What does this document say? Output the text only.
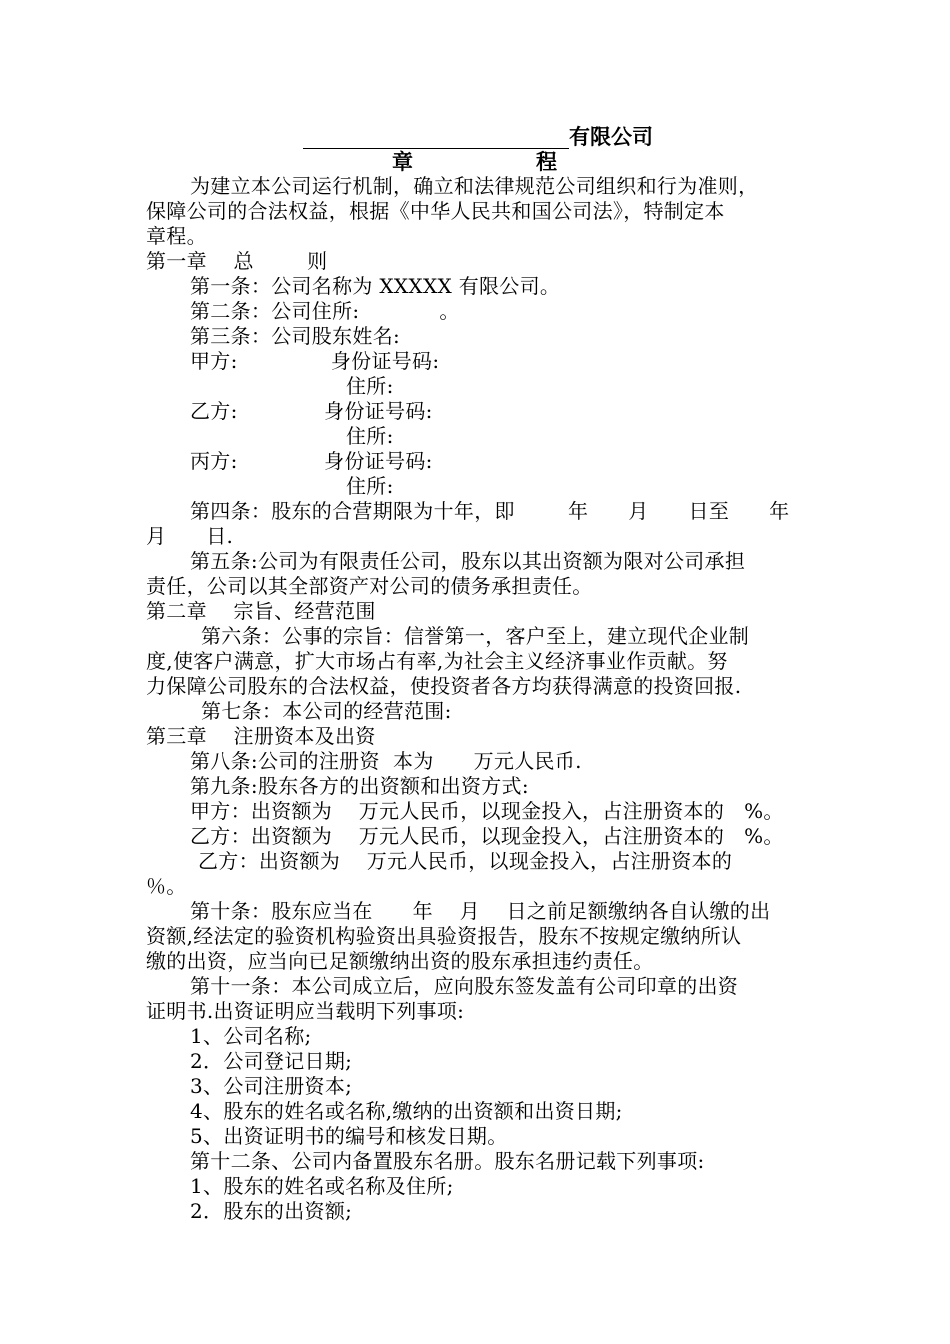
有限公司
章	程
为建立本公司运行机制，确立和法律规范公司组织和行为准则，
保障公司的合法权益，根据《中华人民共和国公司法》，特制定本
章程。
第一章    总        则
第一条：公司名称为 XXXXX 有限公司。
第二条：公司住所:            。
第三条：公司股东姓名:
甲方:              身份证号码:
住所:
乙方:             身份证号码:
住所:
丙方:             身份证号码:
住所:
第四条：股东的合营期限为十年，即        年      月      日至      年
月      日.
第五条:公司为有限责任公司，股东以其出资额为限对公司承担
责任，公司以其全部资产对公司的债务承担责任。
第二章    宗旨、经营范围
第六条：公事的宗旨：信誉第一，客户至上，建立现代企业制
度,使客户满意，扩大市场占有率,为社会主义经济事业作贡献。努
力保障公司股东的合法权益，使投资者各方均获得满意的投资回报.
第七条：本公司的经营范围:
第三章    注册资本及出资
第八条:公司的注册资  本为      万元人民币.
第九条:股东各方的出资额和出资方式:
甲方：出资额为    万元人民币，以现金投入，占注册资本的   %。
乙方：出资额为    万元人民币，以现金投入，占注册资本的   %。
乙方：出资额为    万元人民币，以现金投入，占注册资本的
％。
第十条：股东应当在      年    月    日之前足额缴纳各自认缴的出
资额,经法定的验资机构验资出具验资报告，股东不按规定缴纳所认
缴的出资，应当向已足额缴纳出资的股东承担违约责任。
第十一条：本公司成立后，应向股东签发盖有公司印章的出资
证明书.出资证明应当载明下列事项:
1、公司名称;
2．公司登记日期;
3、公司注册资本;
4、股东的姓名或名称,缴纳的出资额和出资日期;
5、出资证明书的编号和核发日期。
第十二条、公司内备置股东名册。股东名册记载下列事项:
1、股东的姓名或名称及住所;
2．股东的出资额;
